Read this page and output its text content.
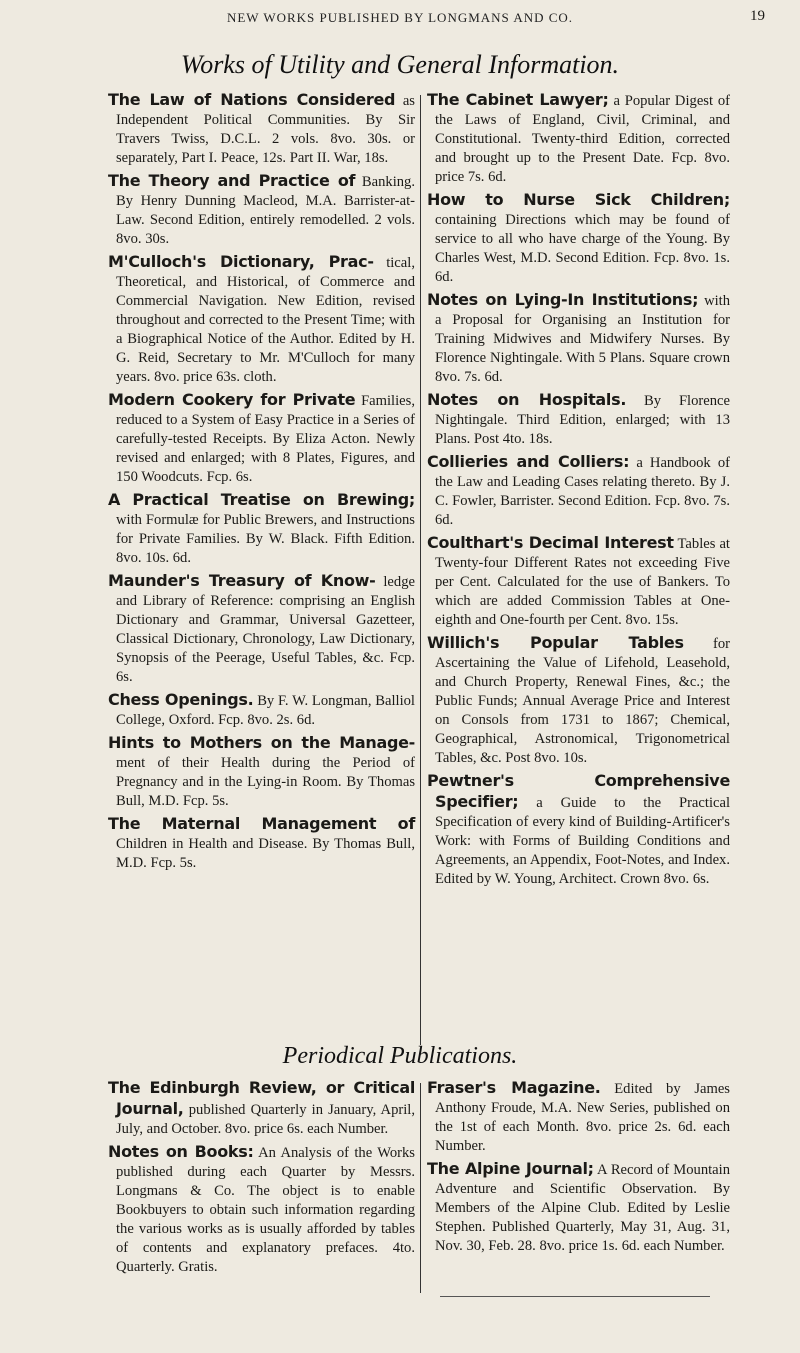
NEW WORKS PUBLISHED BY LONGMANS AND CO.	19
Works of Utility and General Information.

The Law of Nations Considered as Independent Political Communities. By Sir Travers Twiss, D.C.L. 2 vols. 8vo. 30s. or separately, Part I. Peace, 12s. Part II. War, 18s.

The Theory and Practice of Banking. By Henry Dunning Macleod, M.A. Barrister-at-Law. Second Edition, entirely remodelled. 2 vols. 8vo. 30s.

M'Culloch's Dictionary, Prac- tical, Theoretical, and Historical, of Commerce and Commercial Navigation. New Edition, revised throughout and corrected to the Present Time; with a Biographical Notice of the Author. Edited by H. G. Reid, Secretary to Mr. M'Culloch for many years. 8vo. price 63s. cloth.

Modern Cookery for Private Families, reduced to a System of Easy Practice in a Series of carefully-tested Receipts. By Eliza Acton. Newly revised and enlarged; with 8 Plates, Figures, and 150 Woodcuts. Fcp. 6s.

A Practical Treatise on Brewing; with Formulæ for Public Brewers, and Instructions for Private Families. By W. Black. Fifth Edition. 8vo. 10s. 6d.

Maunder's Treasury of Know- ledge and Library of Reference: comprising an English Dictionary and Grammar, Universal Gazetteer, Classical Dictionary, Chronology, Law Dictionary, Synopsis of the Peerage, Useful Tables, &c. Fcp. 6s.

Chess Openings. By F. W. Longman, Balliol College, Oxford. Fcp. 8vo. 2s. 6d.

Hints to Mothers on the Manage- ment of their Health during the Period of Pregnancy and in the Lying-in Room. By Thomas Bull, M.D. Fcp. 5s.

The Maternal Management of Children in Health and Disease. By Thomas Bull, M.D. Fcp. 5s.

The Cabinet Lawyer; a Popular Digest of the Laws of England, Civil, Criminal, and Constitutional. Twenty-third Edition, corrected and brought up to the Present Date. Fcp. 8vo. price 7s. 6d.

How to Nurse Sick Children; containing Directions which may be found of service to all who have charge of the Young. By Charles West, M.D. Second Edition. Fcp. 8vo. 1s. 6d.

Notes on Lying-In Institutions; with a Proposal for Organising an Institution for Training Midwives and Midwifery Nurses. By Florence Nightingale. With 5 Plans. Square crown 8vo. 7s. 6d.

Notes on Hospitals. By Florence Nightingale. Third Edition, enlarged; with 13 Plans. Post 4to. 18s.

Collieries and Colliers: a Handbook of the Law and Leading Cases relating thereto. By J. C. Fowler, Barrister. Second Edition. Fcp. 8vo. 7s. 6d.

Coulthart's Decimal Interest Tables at Twenty-four Different Rates not exceeding Five per Cent. Calculated for the use of Bankers. To which are added Commission Tables at One-eighth and One-fourth per Cent. 8vo. 15s.

Willich's Popular Tables for Ascertaining the Value of Lifehold, Leasehold, and Church Property, Renewal Fines, &c.; the Public Funds; Annual Average Price and Interest on Consols from 1731 to 1867; Chemical, Geographical, Astronomical, Trigonometrical Tables, &c. Post 8vo. 10s.

Pewtner's Comprehensive Specifier; a Guide to the Practical Specification of every kind of Building-Artificer's Work: with Forms of Building Conditions and Agreements, an Appendix, Foot-Notes, and Index. Edited by W. Young, Architect. Crown 8vo. 6s.

Periodical Publications.

The Edinburgh Review, or Critical Journal, published Quarterly in January, April, July, and October. 8vo. price 6s. each Number.

Notes on Books: An Analysis of the Works published during each Quarter by Messrs. Longmans & Co. The object is to enable Bookbuyers to obtain such information regarding the various works as is usually afforded by tables of contents and explanatory prefaces. 4to. Quarterly. Gratis.

Fraser's Magazine. Edited by James Anthony Froude, M.A. New Series, published on the 1st of each Month. 8vo. price 2s. 6d. each Number.

The Alpine Journal; A Record of Mountain Adventure and Scientific Observation. By Members of the Alpine Club. Edited by Leslie Stephen. Published Quarterly, May 31, Aug. 31, Nov. 30, Feb. 28. 8vo. price 1s. 6d. each Number.
